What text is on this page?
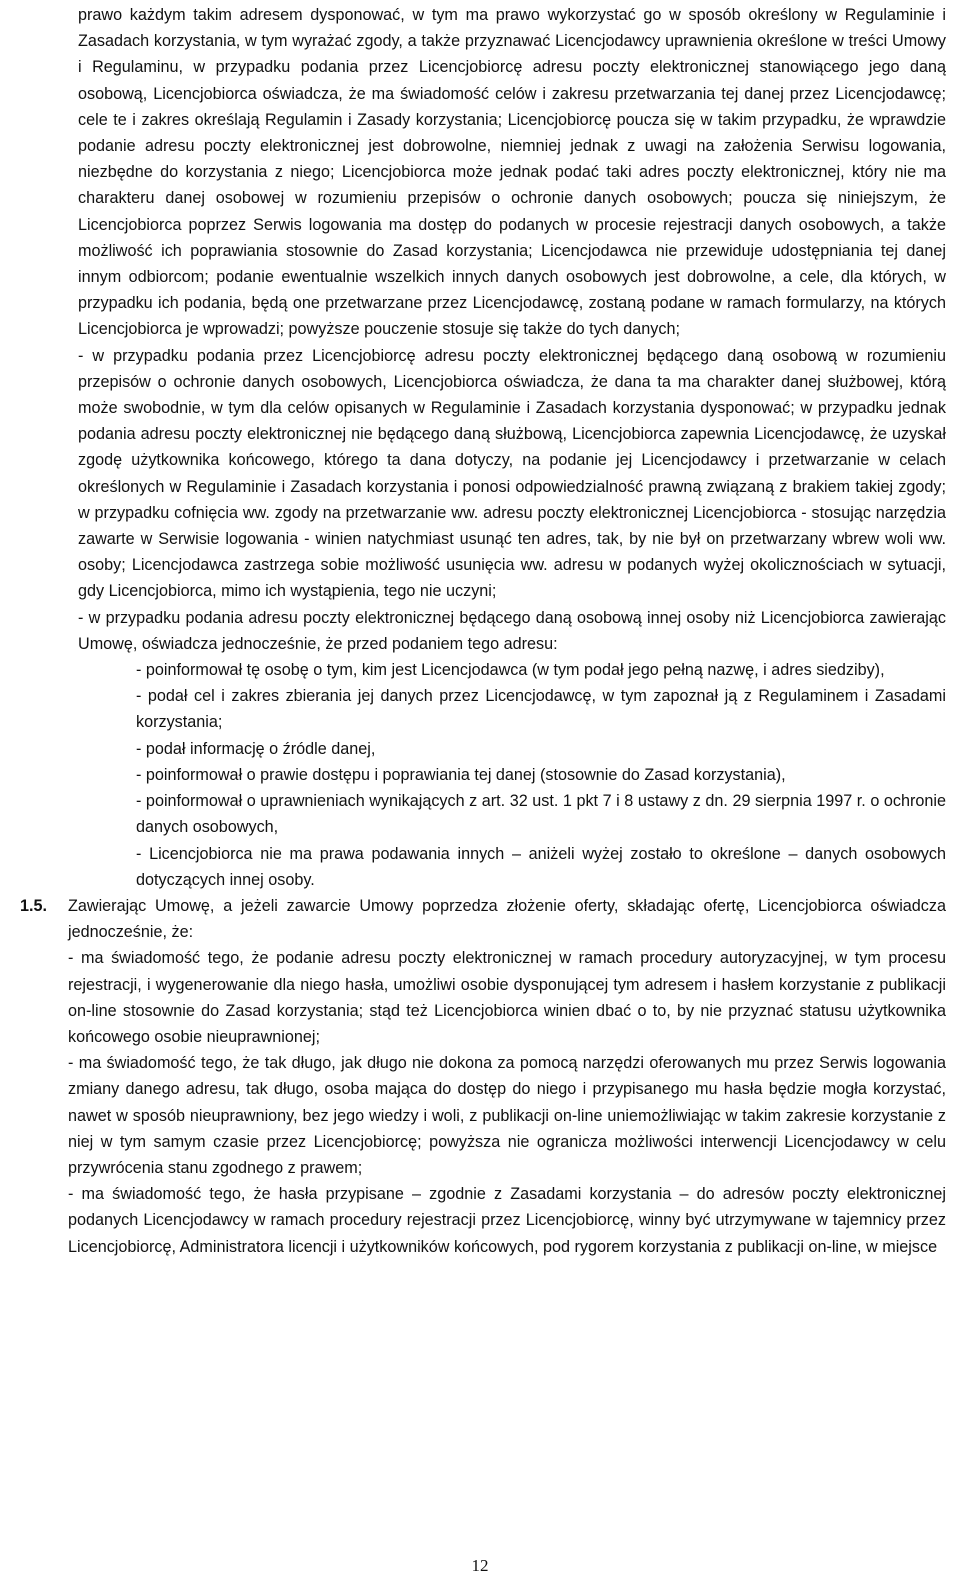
prawo każdym takim adresem dysponować, w tym ma prawo wykorzystać go w sposób określony w Regulaminie i Zasadach korzystania, w tym wyrażać zgody, a także przyznawać Licencjodawcy uprawnienia określone w treści Umowy i Regulaminu, w przypadku podania przez Licencjobiorcę adresu poczty elektronicznej stanowiącego jego daną osobową, Licencjobiorca oświadcza, że ma świadomość celów i zakresu przetwarzania tej danej przez Licencjodawcę; cele te i zakres określają Regulamin i Zasady korzystania; Licencjobiorcę poucza się w takim przypadku, że wprawdzie podanie adresu poczty elektronicznej jest dobrowolne, niemniej jednak z uwagi na założenia Serwisu logowania, niezbędne do korzystania z niego; Licencjobiorca może jednak podać taki adres poczty elektronicznej, który nie ma charakteru danej osobowej w rozumieniu przepisów o ochronie danych osobowych; poucza się niniejszym, że Licencjobiorca poprzez Serwis logowania ma dostęp do podanych w procesie rejestracji danych osobowych, a także możliwość ich poprawiania stosownie do Zasad korzystania; Licencjodawca nie przewiduje udostępniania tej danej innym odbiorcom; podanie ewentualnie wszelkich innych danych osobowych jest dobrowolne, a cele, dla których, w przypadku ich podania, będą one przetwarzane przez Licencjodawcę, zostaną podane w ramach formularzy, na których Licencjobiorca je wprowadzi; powyższe pouczenie stosuje się także do tych danych;

- w przypadku podania przez Licencjobiorcę adresu poczty elektronicznej będącego daną osobową w rozumieniu przepisów o ochronie danych osobowych, Licencjobiorca oświadcza, że dana ta ma charakter danej służbowej, którą może swobodnie, w tym dla celów opisanych w Regulaminie i Zasadach korzystania dysponować; w przypadku jednak podania adresu poczty elektronicznej nie będącego daną służbową, Licencjobiorca zapewnia Licencjodawcę, że uzyskał zgodę użytkownika końcowego, którego ta dana dotyczy, na podanie jej Licencjodawcy i przetwarzanie w celach określonych w Regulaminie i Zasadach korzystania i ponosi odpowiedzialność prawną związaną z brakiem takiej zgody; w przypadku cofnięcia ww. zgody na przetwarzanie ww. adresu poczty elektronicznej Licencjobiorca - stosując narzędzia zawarte w Serwisie logowania - winien natychmiast usunąć ten adres, tak, by nie był on przetwarzany wbrew woli ww. osoby; Licencjodawca zastrzega sobie możliwość usunięcia ww. adresu w podanych wyżej okolicznościach w sytuacji, gdy Licencjobiorca, mimo ich wystąpienia, tego nie uczyni;

- w przypadku podania adresu poczty elektronicznej będącego daną osobową innej osoby niż Licencjobiorca zawierając Umowę, oświadcza jednocześnie, że przed podaniem tego adresu:

- poinformował tę osobę o tym, kim jest Licencjodawca (w tym podał jego pełną nazwę, i adres siedziby),

- podał cel i zakres zbierania jej danych przez Licencjodawcę, w tym zapoznał ją z Regulaminem i Zasadami korzystania;

- podał informację o źródle danej,

- poinformował o prawie dostępu i poprawiania tej danej (stosownie do Zasad korzystania),

- poinformował o uprawnieniach wynikających z art. 32 ust. 1 pkt 7 i 8 ustawy z dn. 29 sierpnia 1997 r. o ochronie danych osobowych,

- Licencjobiorca nie ma prawa podawania innych – aniżeli wyżej zostało to określone – danych osobowych dotyczących innej osoby.

1.5. Zawierając Umowę, a jeżeli zawarcie Umowy poprzedza złożenie oferty, składając ofertę, Licencjobiorca oświadcza jednocześnie, że:

- ma świadomość tego, że podanie adresu poczty elektronicznej w ramach procedury autoryzacyjnej, w tym procesu rejestracji, i wygenerowanie dla niego hasła, umożliwi osobie dysponującej tym adresem i hasłem korzystanie z publikacji on-line stosownie do Zasad korzystania; stąd też Licencjobiorca winien dbać o to, by nie przyznać statusu użytkownika końcowego osobie nieuprawnionej;

- ma świadomość tego, że tak długo, jak długo nie dokona za pomocą narzędzi oferowanych mu przez Serwis logowania zmiany danego adresu, tak długo, osoba mająca do dostęp do niego i przypisanego mu hasła będzie mogła korzystać, nawet w sposób nieuprawniony, bez jego wiedzy i woli, z publikacji on-line uniemożliwiając w takim zakresie korzystanie z niej w tym samym czasie przez Licencjobiorcę; powyższa nie ogranicza możliwości interwencji Licencjodawcy w celu przywrócenia stanu zgodnego z prawem;

- ma świadomość tego, że hasła przypisane – zgodnie z Zasadami korzystania – do adresów poczty elektronicznej podanych Licencjodawcy w ramach procedury rejestracji przez Licencjobiorcę, winny być utrzymywane w tajemnicy przez Licencjobiorcę, Administratora licencji i użytkowników końcowych, pod rygorem korzystania z publikacji on-line, w miejsce

12
